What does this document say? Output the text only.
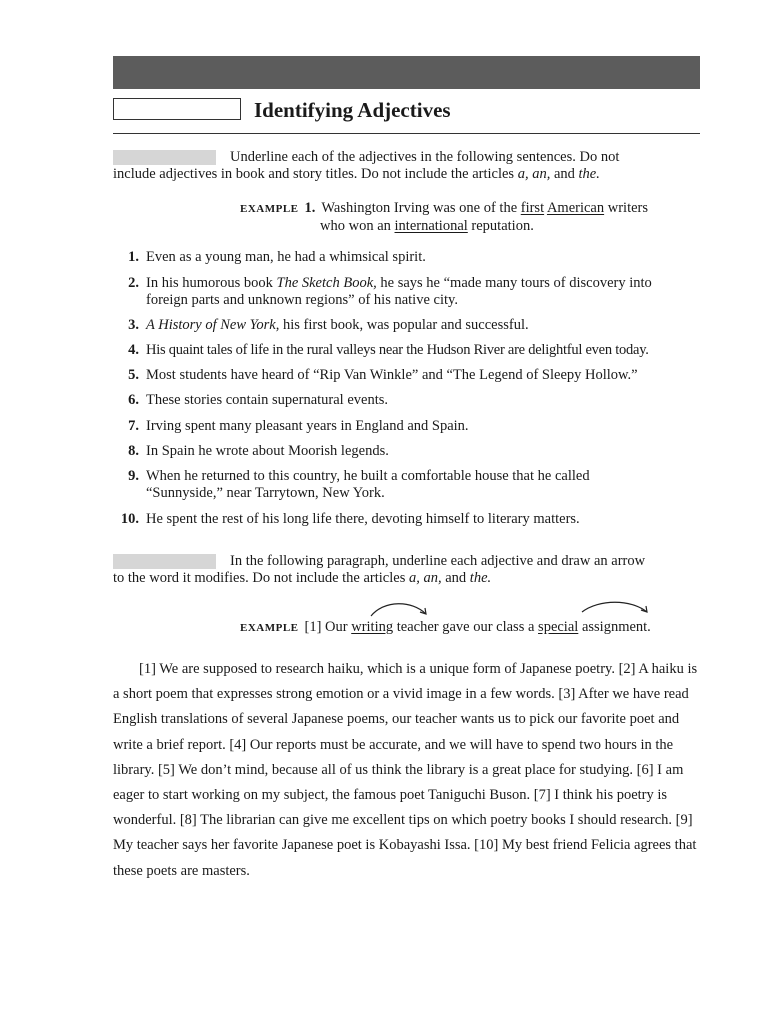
Identifying Adjectives
Underline each of the adjectives in the following sentences. Do not include adjectives in book and story titles. Do not include the articles a, an, and the.
EXAMPLE 1. Washington Irving was one of the first American writers
who won an international reputation.
1. Even as a young man, he had a whimsical spirit.
2. In his humorous book The Sketch Book, he says he “made many tours of discovery into foreign parts and unknown regions” of his native city.
3. A History of New York, his first book, was popular and successful.
4. His quaint tales of life in the rural valleys near the Hudson River are delightful even today.
5. Most students have heard of “Rip Van Winkle” and “The Legend of Sleepy Hollow.”
6. These stories contain supernatural events.
7. Irving spent many pleasant years in England and Spain.
8. In Spain he wrote about Moorish legends.
9. When he returned to this country, he built a comfortable house that he called “Sunnyside,” near Tarrytown, New York.
10. He spent the rest of his long life there, devoting himself to literary matters.
In the following paragraph, underline each adjective and draw an arrow to the word it modifies. Do not include the articles a, an, and the.
EXAMPLE [1] Our writing teacher gave our class a special assignment.

[1] We are supposed to research haiku, which is a unique form of Japanese poetry. [2] A haiku is a short poem that expresses strong emotion or a vivid image in a few words. [3] After we have read English translations of several Japanese poems, our teacher wants us to pick our favorite poet and write a brief report. [4] Our reports must be accurate, and we will have to spend two hours in the library. [5] We don’t mind, because all of us think the library is a great place for studying. [6] I am eager to start working on my subject, the famous poet Taniguchi Buson. [7] I think his poetry is wonderful. [8] The librarian can give me excellent tips on which poetry books I should research. [9] My teacher says her favorite Japanese poet is Kobayashi Issa. [10] My best friend Felicia agrees that these poets are masters.
